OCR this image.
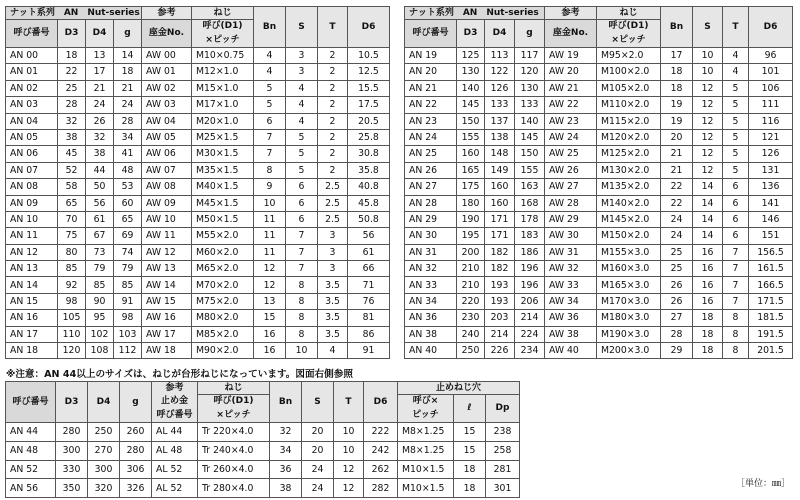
ナット系列　AN　Nut-series				参考	ねじ	Bn	S	T	D6
呼び番号	D3	D4	g	座金No.	呼び(D1)				
					×ピッチ				
AN 00	18	13	14	AW 00	M10×0.75	4	3	2	10.5
AN 01	22	17	18	AW 01	M12×1.0	4	3	2	12.5
AN 02	25	21	21	AW 02	M15×1.0	5	4	2	15.5
AN 03	28	24	24	AW 03	M17×1.0	5	4	2	17.5
AN 04	32	26	28	AW 04	M20×1.0	6	4	2	20.5
AN 05	38	32	34	AW 05	M25×1.5	7	5	2	25.8
AN 06	45	38	41	AW 06	M30×1.5	7	5	2	30.8
AN 07	52	44	48	AW 07	M35×1.5	8	5	2	35.8
AN 08	58	50	53	AW 08	M40×1.5	9	6	2.5	40.8
AN 09	65	56	60	AW 09	M45×1.5	10	6	2.5	45.8
AN 10	70	61	65	AW 10	M50×1.5	11	6	2.5	50.8
AN 11	75	67	69	AW 11	M55×2.0	11	7	3	56
AN 12	80	73	74	AW 12	M60×2.0	11	7	3	61
AN 13	85	79	79	AW 13	M65×2.0	12	7	3	66
AN 14	92	85	85	AW 14	M70×2.0	12	8	3.5	71
AN 15	98	90	91	AW 15	M75×2.0	13	8	3.5	76
AN 16	105	95	98	AW 16	M80×2.0	15	8	3.5	81
AN 17	110	102	103	AW 17	M85×2.0	16	8	3.5	86
AN 18	120	108	112	AW 18	M90×2.0	16	10	4	91
ナット系列　AN　Nut-series				参考	ねじ	Bn	S	T	D6
呼び番号	D3	D4	g	座金No.	呼び(D1)				
					×ピッチ				
AN 19	125	113	117	AW 19	M95×2.0	17	10	4	96
AN 20	130	122	120	AW 20	M100×2.0	18	10	4	101
AN 21	140	126	130	AW 21	M105×2.0	18	12	5	106
AN 22	145	133	133	AW 22	M110×2.0	19	12	5	111
AN 23	150	137	140	AW 23	M115×2.0	19	12	5	116
AN 24	155	138	145	AW 24	M120×2.0	20	12	5	121
AN 25	160	148	150	AW 25	M125×2.0	21	12	5	126
AN 26	165	149	155	AW 26	M130×2.0	21	12	5	131
AN 27	175	160	163	AW 27	M135×2.0	22	14	6	136
AN 28	180	160	168	AW 28	M140×2.0	22	14	6	141
AN 29	190	171	178	AW 29	M145×2.0	24	14	6	146
AN 30	195	171	183	AW 30	M150×2.0	24	14	6	151
AN 31	200	182	186	AW 31	M155×3.0	25	16	7	156.5
AN 32	210	182	196	AW 32	M160×3.0	25	16	7	161.5
AN 33	210	193	196	AW 33	M165×3.0	26	16	7	166.5
AN 34	220	193	206	AW 34	M170×3.0	26	16	7	171.5
AN 36	230	203	214	AW 36	M180×3.0	27	18	8	181.5
AN 38	240	214	224	AW 38	M190×3.0	28	18	8	191.5
AN 40	250	226	234	AW 40	M200×3.0	29	18	8	201.5
※注意：AN 44以上のサイズは、ねじが台形ねじになっています。図面右側参照
呼び番号	D3	D4	g	参考	ねじ	Bn	S	T	D6	止めねじ穴		
				止め金	呼び(D1)					呼び×	ℓ	Dp
				呼び番号	×ピッチ					ピッチ		
AN 44	280	250	260	AL 44	Tr 220×4.0	32	20	10	222	M8×1.25	15	238
AN 48	300	270	280	AL 48	Tr 240×4.0	34	20	10	242	M8×1.25	15	258
AN 52	330	300	306	AL 52	Tr 260×4.0	36	24	12	262	M10×1.5	18	281
AN 56	350	320	326	AL 52	Tr 280×4.0	38	24	12	282	M10×1.5	18	301	［単位：㎜］
